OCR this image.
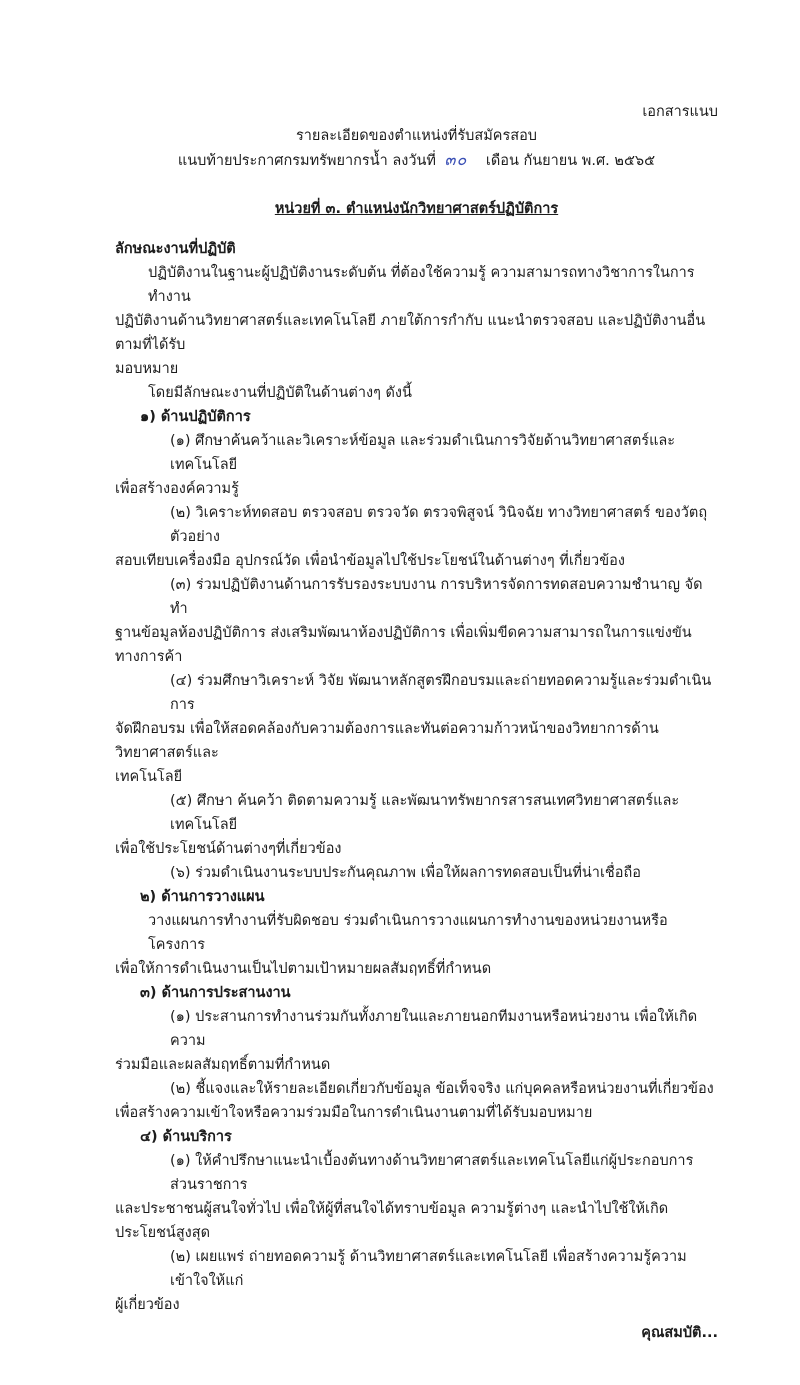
เอกสารแนบ
รายละเอียดของตำแหน่งที่รับสมัครสอบ
แนบท้ายประกาศกรมทรัพยากรน้ำ ลงวันที่ ๓๐ เดือน กันยายน พ.ศ. ๒๕๖๕
หน่วยที่ ๓. ตำแหน่งนักวิทยาศาสตร์ปฏิบัติการ
ลักษณะงานที่ปฏิบัติ
ปฏิบัติงานในฐานะผู้ปฏิบัติงานระดับต้น ที่ต้องใช้ความรู้ ความสามารถทางวิชาการในการทำงาน
ปฏิบัติงานด้านวิทยาศาสตร์และเทคโนโลยี ภายใต้การกำกับ แนะนำตรวจสอบ และปฏิบัติงานอื่นตามที่ได้รับ
มอบหมาย
โดยมีลักษณะงานที่ปฏิบัติในด้านต่างๆ ดังนี้
๑) ด้านปฏิบัติการ
(๑) ศึกษาค้นคว้าและวิเคราะห์ข้อมูล และร่วมดำเนินการวิจัยด้านวิทยาศาสตร์และเทคโนโลยี
เพื่อสร้างองค์ความรู้
(๒) วิเคราะห์ทดสอบ ตรวจสอบ ตรวจวัด ตรวจพิสูจน์ วินิจฉัย ทางวิทยาศาสตร์ ของวัตถุตัวอย่าง
สอบเทียบเครื่องมือ อุปกรณ์วัด เพื่อนำข้อมูลไปใช้ประโยชน์ในด้านต่างๆ ที่เกี่ยวข้อง
(๓) ร่วมปฏิบัติงานด้านการรับรองระบบงาน การบริหารจัดการทดสอบความชำนาญ จัดทำ
ฐานข้อมูลห้องปฏิบัติการ ส่งเสริมพัฒนาห้องปฏิบัติการ เพื่อเพิ่มขีดความสามารถในการแข่งขันทางการค้า
(๔) ร่วมศึกษาวิเคราะห์ วิจัย พัฒนาหลักสูตรฝึกอบรมและถ่ายทอดความรู้และร่วมดำเนินการ
จัดฝึกอบรม เพื่อให้สอดคล้องกับความต้องการและทันต่อความก้าวหน้าของวิทยาการด้านวิทยาศาสตร์และ
เทคโนโลยี
(๕) ศึกษา ค้นคว้า ติดตามความรู้ และพัฒนาทรัพยากรสารสนเทศวิทยาศาสตร์และเทคโนโลยี
เพื่อใช้ประโยชน์ด้านต่างๆที่เกี่ยวข้อง
(๖) ร่วมดำเนินงานระบบประกันคุณภาพ เพื่อให้ผลการทดสอบเป็นที่น่าเชื่อถือ
๒) ด้านการวางแผน
วางแผนการทำงานที่รับผิดชอบ ร่วมดำเนินการวางแผนการทำงานของหน่วยงานหรือโครงการ
เพื่อให้การดำเนินงานเป็นไปตามเป้าหมายผลสัมฤทธิ์ที่กำหนด
๓) ด้านการประสานงาน
(๑) ประสานการทำงานร่วมกันทั้งภายในและภายนอกทีมงานหรือหน่วยงาน เพื่อให้เกิดความ
ร่วมมือและผลสัมฤทธิ์ตามที่กำหนด
(๒) ชี้แจงและให้รายละเอียดเกี่ยวกับข้อมูล ข้อเท็จจริง แก่บุคคลหรือหน่วยงานที่เกี่ยวข้อง
เพื่อสร้างความเข้าใจหรือความร่วมมือในการดำเนินงานตามที่ได้รับมอบหมาย
๔) ด้านบริการ
(๑) ให้คำปรึกษาแนะนำเบื้องต้นทางด้านวิทยาศาสตร์และเทคโนโลยีแก่ผู้ประกอบการ ส่วนราชการ
และประชาชนผู้สนใจทั่วไป เพื่อให้ผู้ที่สนใจได้ทราบข้อมูล ความรู้ต่างๆ และนำไปใช้ให้เกิดประโยชน์สูงสุด
(๒) เผยแพร่ ถ่ายทอดความรู้ ด้านวิทยาศาสตร์และเทคโนโลยี เพื่อสร้างความรู้ความเข้าใจให้แก่
ผู้เกี่ยวข้อง
คุณสมบัติ...
